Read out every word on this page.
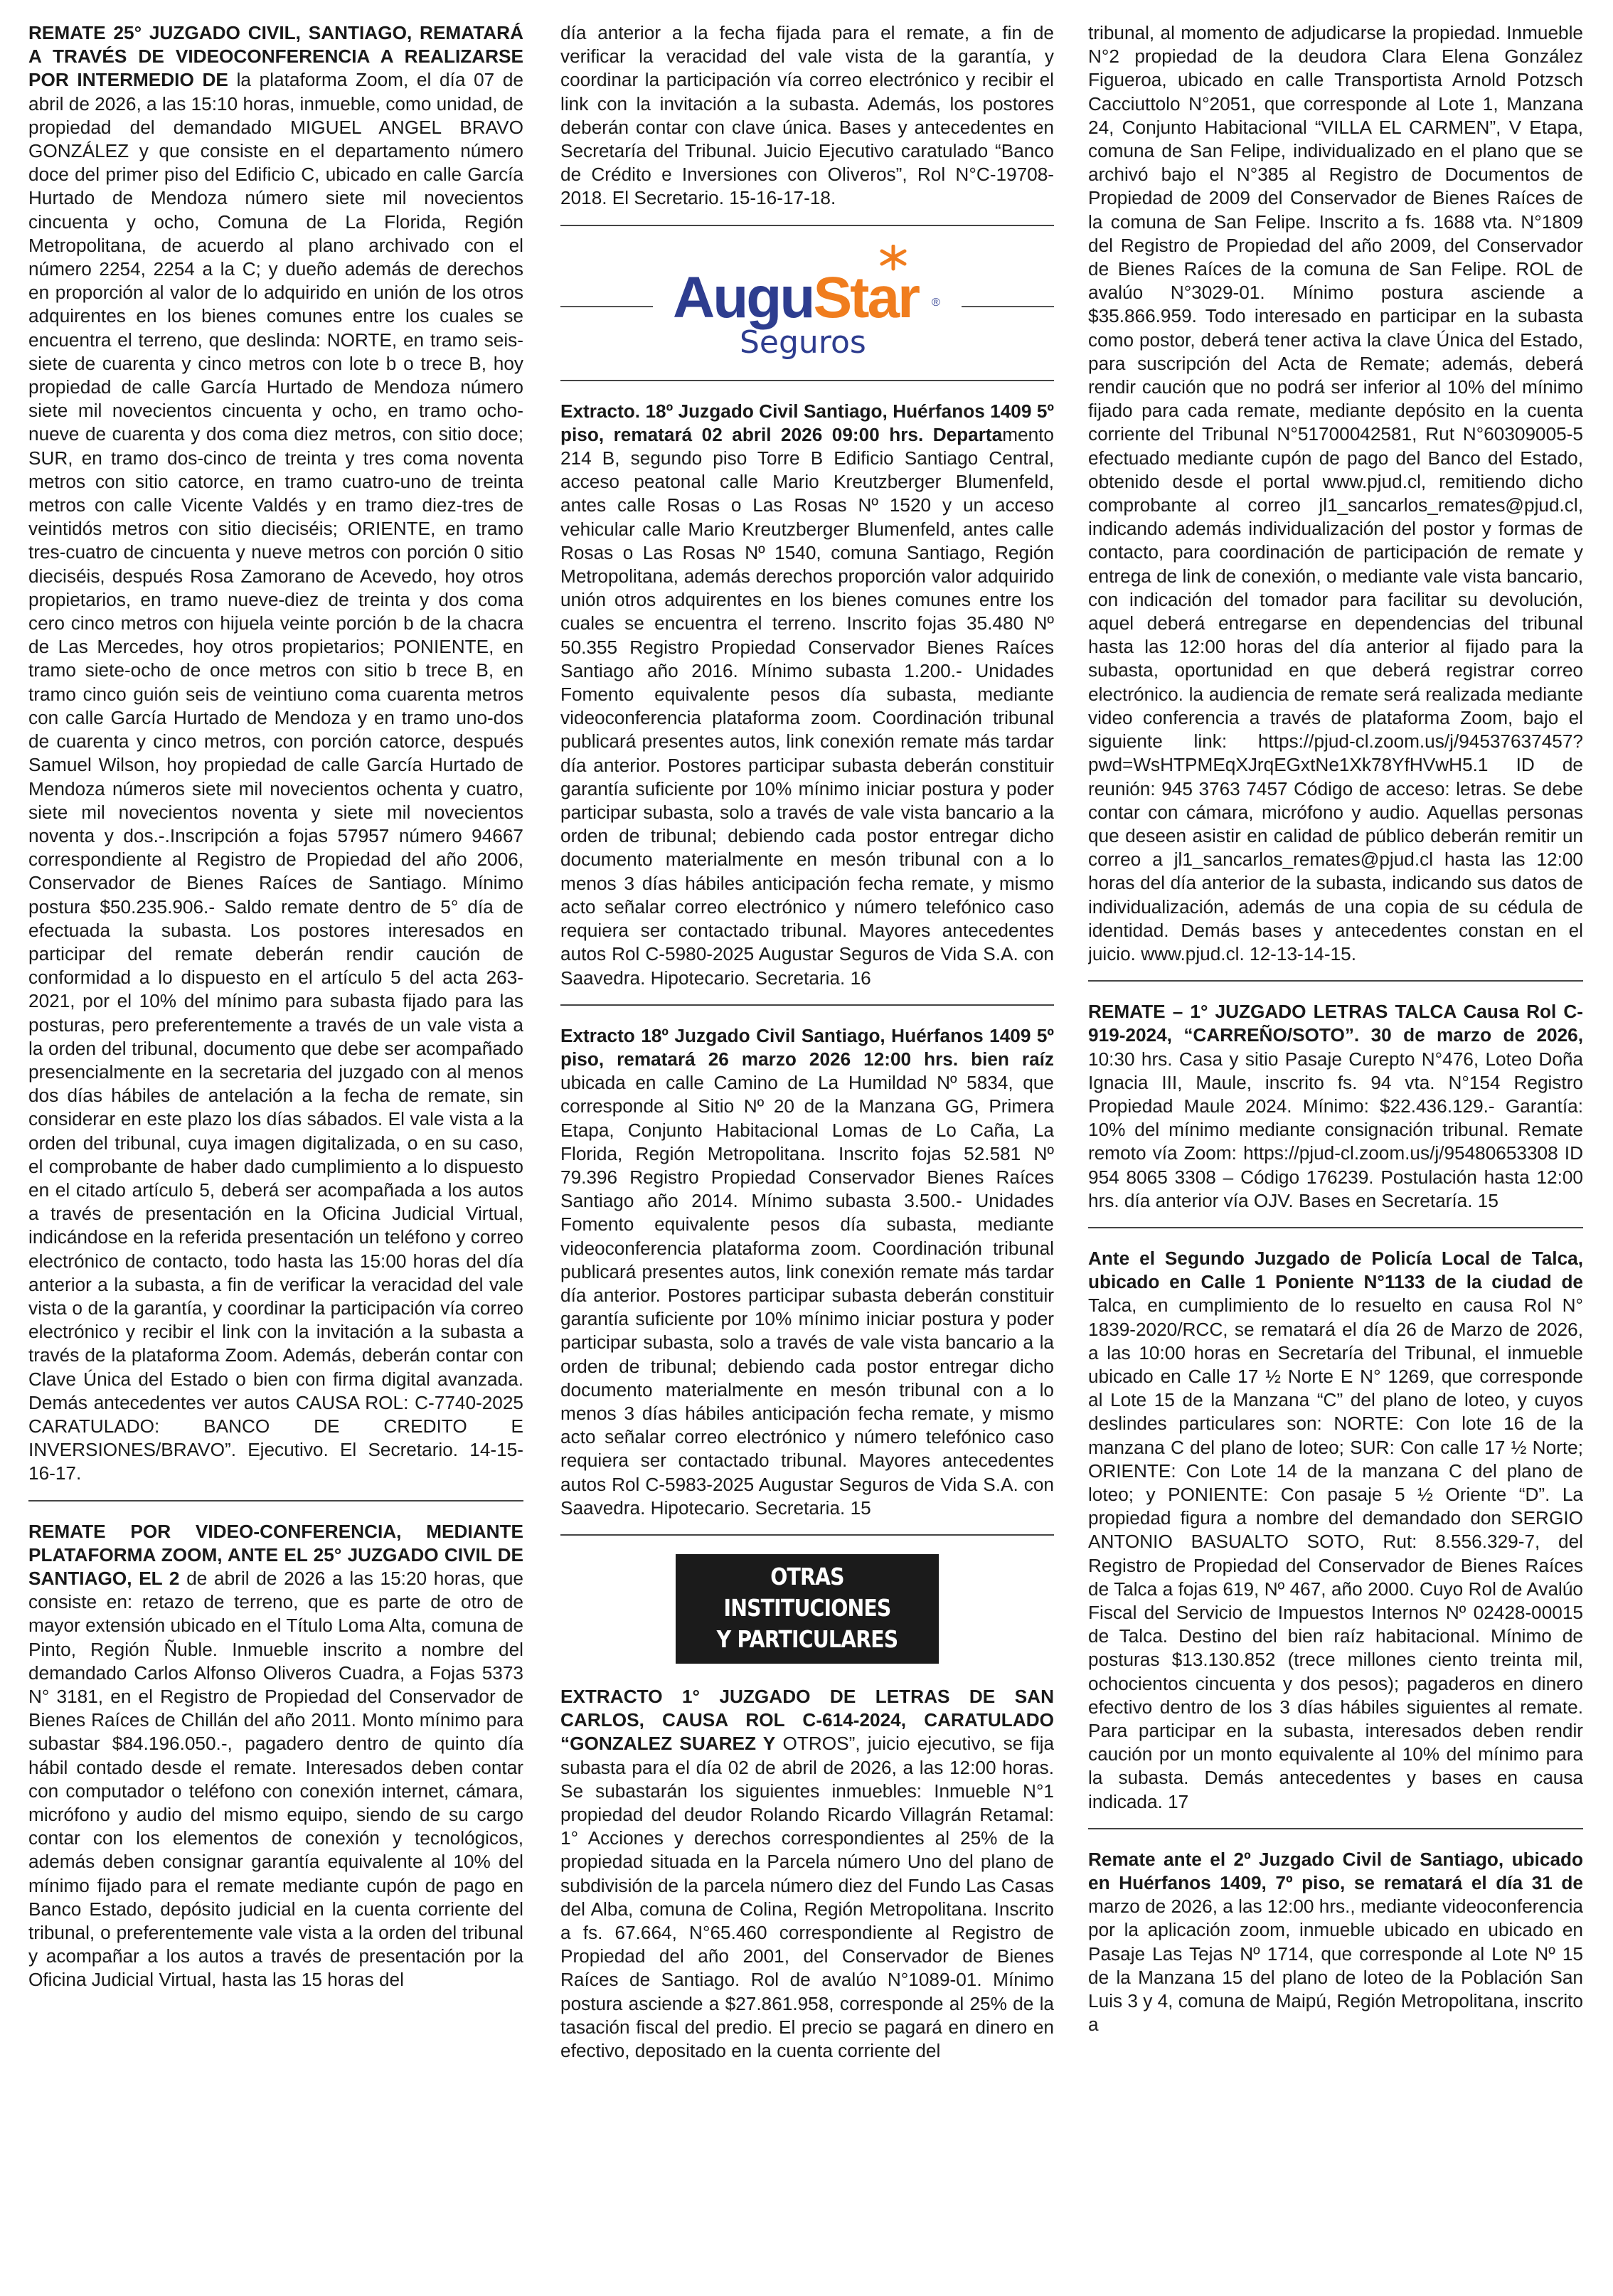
REMATE 25° JUZGADO CIVIL, SANTIAGO, REMATARÁ A TRAVÉS DE VIDEOCONFERENCIA A REALIZARSE POR INTERMEDIO DE la plataforma Zoom, el día 07 de abril de 2026, a las 15:10 horas, inmueble, como unidad, de propiedad del demandado MIGUEL ANGEL BRAVO GONZÁLEZ y que consiste en el departamento número doce del primer piso del Edificio C, ubicado en calle García Hurtado de Mendoza número siete mil novecientos cincuenta y ocho, Comuna de La Florida, Región Metropolitana, de acuerdo al plano archivado con el número 2254, 2254 a la C; y dueño además de derechos en proporción al valor de lo adquirido en unión de los otros adquirentes en los bienes comunes entre los cuales se encuentra el terreno, que deslinda: NORTE, en tramo seis-siete de cuarenta y cinco metros con lote b o trece B, hoy propiedad de calle García Hurtado de Mendoza número siete mil novecientos cincuenta y ocho, en tramo ocho-nueve de cuarenta y dos coma diez metros, con sitio doce; SUR, en tramo dos-cinco de treinta y tres coma noventa metros con sitio catorce, en tramo cuatro-uno de treinta metros con calle Vicente Valdés y en tramo diez-tres de veintidós metros con sitio dieciséis; ORIENTE, en tramo tres-cuatro de cincuenta y nueve metros con porción 0 sitio dieciséis, después Rosa Zamorano de Acevedo, hoy otros propietarios, en tramo nueve-diez de treinta y dos coma cero cinco metros con hijuela veinte porción b de la chacra de Las Mercedes, hoy otros propietarios; PONIENTE, en tramo siete-ocho de once metros con sitio b trece B, en tramo cinco guión seis de veintiuno coma cuarenta metros con calle García Hurtado de Mendoza y en tramo uno-dos de cuarenta y cinco metros, con porción catorce, después Samuel Wilson, hoy propiedad de calle García Hurtado de Mendoza números siete mil novecientos ochenta y cuatro, siete mil novecientos noventa y siete mil novecientos noventa y dos.-.Inscripción a fojas 57957 número 94667 correspondiente al Registro de Propiedad del año 2006, Conservador de Bienes Raíces de Santiago. Mínimo postura $50.235.906.- Saldo remate dentro de 5° día de efectuada la subasta. Los postores interesados en participar del remate deberán rendir caución de conformidad a lo dispuesto en el artículo 5 del acta 263-2021, por el 10% del mínimo para subasta fijado para las posturas, pero preferentemente a través de un vale vista a la orden del tribunal, documento que debe ser acompañado presencialmente en la secretaria del juzgado con al menos dos días hábiles de antelación a la fecha de remate, sin considerar en este plazo los días sábados. El vale vista a la orden del tribunal, cuya imagen digitalizada, o en su caso, el comprobante de haber dado cumplimiento a lo dispuesto en el citado artículo 5, deberá ser acompañada a los autos a través de presentación en la Oficina Judicial Virtual, indicándose en la referida presentación un teléfono y correo electrónico de contacto, todo hasta las 15:00 horas del día anterior a la subasta, a fin de verificar la veracidad del vale vista o de la garantía, y coordinar la participación vía correo electrónico y recibir el link con la invitación a la subasta a través de la plataforma Zoom. Además, deberán contar con Clave Única del Estado o bien con firma digital avanzada. Demás antecedentes ver autos CAUSA ROL: C-7740-2025 CARATULADO: BANCO DE CREDITO E INVERSIONES/BRAVO”. Ejecutivo. El Secretario. 14-15-16-17.

REMATE POR VIDEO-CONFERENCIA, MEDIANTE PLATAFORMA ZOOM, ANTE EL 25° JUZGADO CIVIL DE SANTIAGO, EL 2 de abril de 2026 a las 15:20 horas, que consiste en: retazo de terreno, que es parte de otro de mayor extensión ubicado en el Título Loma Alta, comuna de Pinto, Región Ñuble. Inmueble inscrito a nombre del demandado Carlos Alfonso Oliveros Cuadra, a Fojas 5373 N° 3181, en el Registro de Propiedad del Conservador de Bienes Raíces de Chillán del año 2011. Monto mínimo para subastar $84.196.050.-, pagadero dentro de quinto día hábil contado desde el remate. Interesados deben contar con computador o teléfono con conexión internet, cámara, micrófono y audio del mismo equipo, siendo de su cargo contar con los elementos de conexión y tecnológicos, además deben consignar garantía equivalente al 10% del mínimo fijado para el remate mediante cupón de pago en Banco Estado, depósito judicial en la cuenta corriente del tribunal, o preferentemente vale vista a la orden del tribunal y acompañar a los autos a través de presentación por la Oficina Judicial Virtual, hasta las 15 horas del

día anterior a la fecha fijada para el remate, a fin de verificar la veracidad del vale vista de la garantía, y coordinar la participación vía correo electrónico y recibir el link con la invitación a la subasta. Además, los postores deberán contar con clave única. Bases y antecedentes en Secretaría del Tribunal. Juicio Ejecutivo caratulado “Banco de Crédito e Inversiones con Oliveros”, Rol N°C-19708-2018. El Secretario. 15-16-17-18.

AuguStar ®
Seguros

Extracto. 18º Juzgado Civil Santiago, Huérfanos 1409 5º piso, rematará 02 abril 2026 09:00 hrs. Departamento 214 B, segundo piso Torre B Edificio Santiago Central, acceso peatonal calle Mario Kreutzberger Blumenfeld, antes calle Rosas o Las Rosas Nº 1520 y un acceso vehicular calle Mario Kreutzberger Blumenfeld, antes calle Rosas o Las Rosas Nº 1540, comuna Santiago, Región Metropolitana, además derechos proporción valor adquirido unión otros adquirentes en los bienes comunes entre los cuales se encuentra el terreno. Inscrito fojas 35.480 Nº 50.355 Registro Propiedad Conservador Bienes Raíces Santiago año 2016. Mínimo subasta 1.200.- Unidades Fomento equivalente pesos día subasta, mediante videoconferencia plataforma zoom. Coordinación tribunal publicará presentes autos, link conexión remate más tardar día anterior. Postores participar subasta deberán constituir garantía suficiente por 10% mínimo iniciar postura y poder participar subasta, solo a través de vale vista bancario a la orden de tribunal; debiendo cada postor entregar dicho documento materialmente en mesón tribunal con a lo menos 3 días hábiles anticipación fecha remate, y mismo acto señalar correo electrónico y número telefónico caso requiera ser contactado tribunal. Mayores antecedentes autos Rol C-5980-2025 Augustar Seguros de Vida S.A. con Saavedra. Hipotecario. Secretaria. 16

Extracto 18º Juzgado Civil Santiago, Huérfanos 1409 5º piso, rematará 26 marzo 2026 12:00 hrs. bien raíz ubicada en calle Camino de La Humildad Nº 5834, que corresponde al Sitio Nº 20 de la Manzana GG, Primera Etapa, Conjunto Habitacional Lomas de Lo Caña, La Florida, Región Metropolitana. Inscrito fojas 52.581 Nº 79.396 Registro Propiedad Conservador Bienes Raíces Santiago año 2014. Mínimo subasta 3.500.- Unidades Fomento equivalente pesos día subasta, mediante videoconferencia plataforma zoom. Coordinación tribunal publicará presentes autos, link conexión remate más tardar día anterior. Postores participar subasta deberán constituir garantía suficiente por 10% mínimo iniciar postura y poder participar subasta, solo a través de vale vista bancario a la orden de tribunal; debiendo cada postor entregar dicho documento materialmente en mesón tribunal con a lo menos 3 días hábiles anticipación fecha remate, y mismo acto señalar correo electrónico y número telefónico caso requiera ser contactado tribunal. Mayores antecedentes autos Rol C-5983-2025 Augustar Seguros de Vida S.A. con Saavedra. Hipotecario. Secretaria. 15

OTRAS INSTITUCIONES
Y PARTICULARES

EXTRACTO 1° JUZGADO DE LETRAS DE SAN CARLOS, CAUSA ROL C-614-2024, CARATULADO “GONZALEZ SUAREZ Y OTROS”, juicio ejecutivo, se fija subasta para el día 02 de abril de 2026, a las 12:00 horas. Se subastarán los siguientes inmuebles: Inmueble N°1 propiedad del deudor Rolando Ricardo Villagrán Retamal: 1° Acciones y derechos correspondientes al 25% de la propiedad situada en la Parcela número Uno del plano de subdivisión de la parcela número diez del Fundo Las Casas del Alba, comuna de Colina, Región Metropolitana. Inscrito a fs. 67.664, N°65.460 correspondiente al Registro de Propiedad del año 2001, del Conservador de Bienes Raíces de Santiago. Rol de avalúo N°1089-01. Mínimo postura asciende a $27.861.958, corresponde al 25% de la tasación fiscal del predio. El precio se pagará en dinero en efectivo, depositado en la cuenta corriente del

tribunal, al momento de adjudicarse la propiedad. Inmueble N°2 propiedad de la deudora Clara Elena González Figueroa, ubicado en calle Transportista Arnold Potzsch Cacciuttolo N°2051, que corresponde al Lote 1, Manzana 24, Conjunto Habitacional “VILLA EL CARMEN”, V Etapa, comuna de San Felipe, individualizado en el plano que se archivó bajo el N°385 al Registro de Documentos de Propiedad de 2009 del Conservador de Bienes Raíces de la comuna de San Felipe. Inscrito a fs. 1688 vta. N°1809 del Registro de Propiedad del año 2009, del Conservador de Bienes Raíces de la comuna de San Felipe. ROL de avalúo N°3029-01. Mínimo postura asciende a $35.866.959. Todo interesado en participar en la subasta como postor, deberá tener activa la clave Única del Estado, para suscripción del Acta de Remate; además, deberá rendir caución que no podrá ser inferior al 10% del mínimo fijado para cada remate, mediante depósito en la cuenta corriente del Tribunal N°51700042581, Rut N°60309005-5 efectuado mediante cupón de pago del Banco del Estado, obtenido desde el portal www.pjud.cl, remitiendo dicho comprobante al correo jl1_sancarlos_remates@pjud.cl, indicando además individualización del postor y formas de contacto, para coordinación de participación de remate y entrega de link de conexión, o mediante vale vista bancario, con indicación del tomador para facilitar su devolución, aquel deberá entregarse en dependencias del tribunal hasta las 12:00 horas del día anterior al fijado para la subasta, oportunidad en que deberá registrar correo electrónico. la audiencia de remate será realizada mediante video conferencia a través de plataforma Zoom, bajo el siguiente link: https://pjud-cl.zoom.us/j/94537637457?pwd=WsHTPMEqXJrqEGxtNe1Xk78YfHVwH5.1 ID de reunión: 945 3763 7457 Código de acceso: letras. Se debe contar con cámara, micrófono y audio. Aquellas personas que deseen asistir en calidad de público deberán remitir un correo a jl1_sancarlos_remates@pjud.cl hasta las 12:00 horas del día anterior de la subasta, indicando sus datos de individualización, además de una copia de su cédula de identidad. Demás bases y antecedentes constan en el juicio. www.pjud.cl. 12-13-14-15.

REMATE – 1° JUZGADO LETRAS TALCA Causa Rol C-919-2024, “CARREÑO/SOTO”. 30 de marzo de 2026, 10:30 hrs. Casa y sitio Pasaje Curepto N°476, Loteo Doña Ignacia III, Maule, inscrito fs. 94 vta. N°154 Registro Propiedad Maule 2024. Mínimo: $22.436.129.- Garantía: 10% del mínimo mediante consignación tribunal. Remate remoto vía Zoom: https://pjud-cl.zoom.us/j/95480653308 ID 954 8065 3308 – Código 176239. Postulación hasta 12:00 hrs. día anterior vía OJV. Bases en Secretaría. 15

Ante el Segundo Juzgado de Policía Local de Talca, ubicado en Calle 1 Poniente N°1133 de la ciudad de Talca, en cumplimiento de lo resuelto en causa Rol N° 1839-2020/RCC, se rematará el día 26 de Marzo de 2026, a las 10:00 horas en Secretaría del Tribunal, el inmueble ubicado en Calle 17 ½ Norte E N° 1269, que corresponde al Lote 15 de la Manzana “C” del plano de loteo, y cuyos deslindes particulares son: NORTE: Con lote 16 de la manzana C del plano de loteo; SUR: Con calle 17 ½ Norte; ORIENTE: Con Lote 14 de la manzana C del plano de loteo; y PONIENTE: Con pasaje 5 ½ Oriente “D”. La propiedad figura a nombre del demandado don SERGIO ANTONIO BASUALTO SOTO, Rut: 8.556.329-7, del Registro de Propiedad del Conservador de Bienes Raíces de Talca a fojas 619, Nº 467, año 2000. Cuyo Rol de Avalúo Fiscal del Servicio de Impuestos Internos Nº 02428-00015 de Talca. Destino del bien raíz habitacional. Mínimo de posturas $13.130.852 (trece millones ciento treinta mil, ochocientos cincuenta y dos pesos); pagaderos en dinero efectivo dentro de los 3 días hábiles siguientes al remate. Para participar en la subasta, interesados deben rendir caución por un monto equivalente al 10% del mínimo para la subasta. Demás antecedentes y bases en causa indicada. 17

Remate ante el 2º Juzgado Civil de Santiago, ubicado en Huérfanos 1409, 7º piso, se rematará el día 31 de marzo de 2026, a las 12:00 hrs., mediante videoconferencia por la aplicación zoom, inmueble ubicado en ubicado en Pasaje Las Tejas Nº 1714, que corresponde al Lote Nº 15 de la Manzana 15 del plano de loteo de la Población San Luis 3 y 4, comuna de Maipú, Región Metropolitana, inscrito a
